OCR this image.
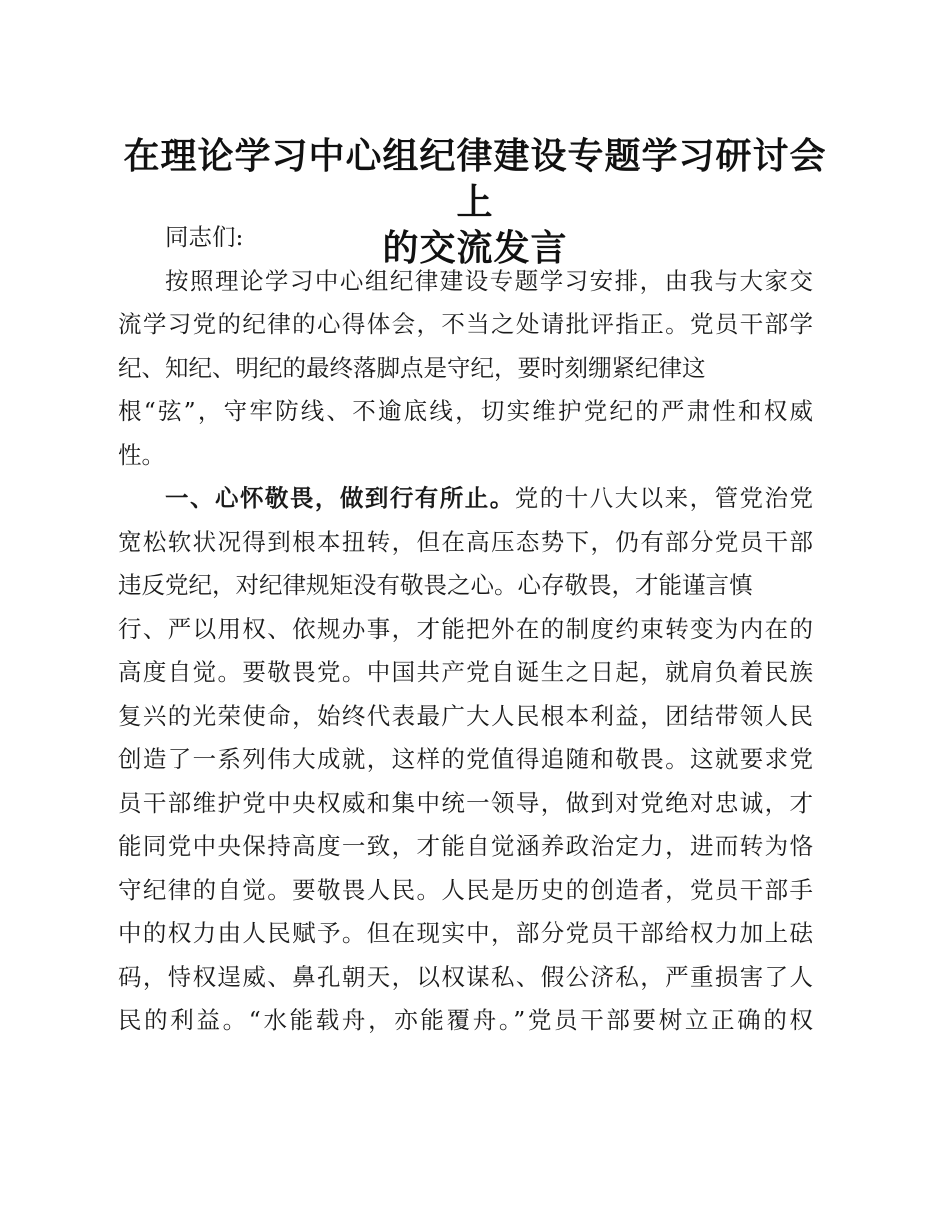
在理论学习中心组纪律建设专题学习研讨会上
的交流发言
同志们:
按照理论学习中心组纪律建设专题学习安排，由我与大家交
流学习党的纪律的心得体会，不当之处请批评指正。党员干部学
纪、知纪、明纪的最终落脚点是守纪，要时刻绷紧纪律这
根“弦”，守牢防线、不逾底线，切实维护党纪的严肃性和权威
性。
一、心怀敬畏，做到行有所止。党的十八大以来，管党治党
宽松软状况得到根本扭转，但在高压态势下，仍有部分党员干部
违反党纪，对纪律规矩没有敬畏之心。心存敬畏，才能谨言慎
行、严以用权、依规办事，才能把外在的制度约束转变为内在的
高度自觉。要敬畏党。中国共产党自诞生之日起，就肩负着民族
复兴的光荣使命，始终代表最广大人民根本利益，团结带领人民
创造了一系列伟大成就，这样的党值得追随和敬畏。这就要求党
员干部维护党中央权威和集中统一领导，做到对党绝对忠诚，才
能同党中央保持高度一致，才能自觉涵养政治定力，进而转为恪
守纪律的自觉。要敬畏人民。人民是历史的创造者，党员干部手
中的权力由人民赋予。但在现实中，部分党员干部给权力加上砝
码，恃权逞威、鼻孔朝天，以权谋私、假公济私，严重损害了人
民的利益。“水能载舟，亦能覆舟。”党员干部要树立正确的权
